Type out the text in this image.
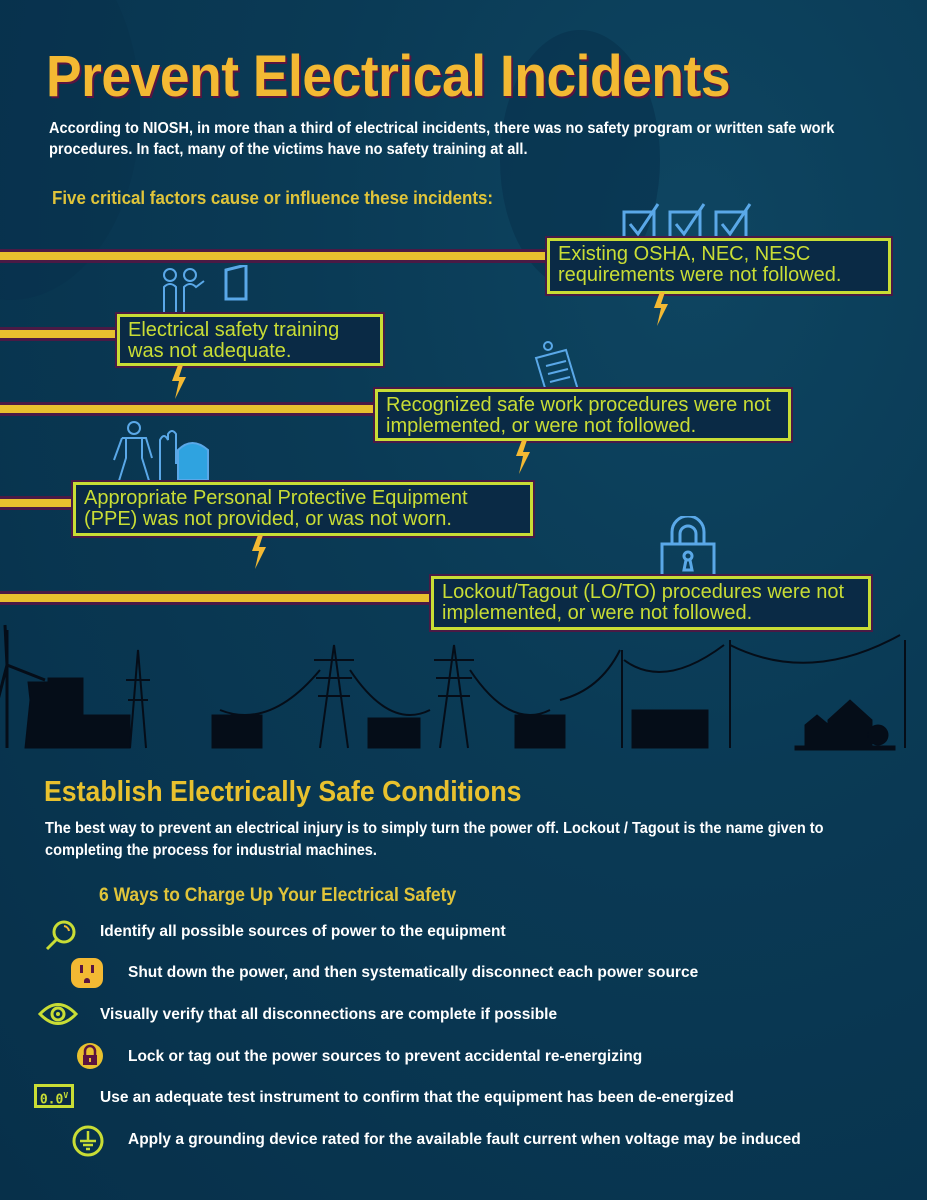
Prevent Electrical Incidents

According to NIOSH, in more than a third of electrical incidents, there was no safety program or written safe work procedures. In fact, many of the victims have no safety training at all.

Five critical factors cause or influence these incidents:

Existing OSHA, NEC, NESC requirements were not followed.
Electrical safety training was not adequate.
Recognized safe work procedures were not implemented, or were not followed.
Appropriate Personal Protective Equipment (PPE) was not provided, or was not worn.
Lockout/Tagout (LO/TO) procedures were not implemented, or were not followed.
Establish Electrically Safe Conditions

The best way to prevent an electrical injury is to simply turn the power off. Lockout / Tagout is the name given to completing the process for industrial machines.

6 Ways to Charge Up Your Electrical Safety

Identify all possible sources of power to the equipment
Shut down the power, and then systematically disconnect each power source
Visually verify that all disconnections are complete if possible
Lock or tag out the power sources to prevent accidental re-energizing
$0.0^V$	Use an adequate test instrument to confirm that the equipment has been de-energized
Apply a grounding device rated for the available fault current when voltage may be induced
